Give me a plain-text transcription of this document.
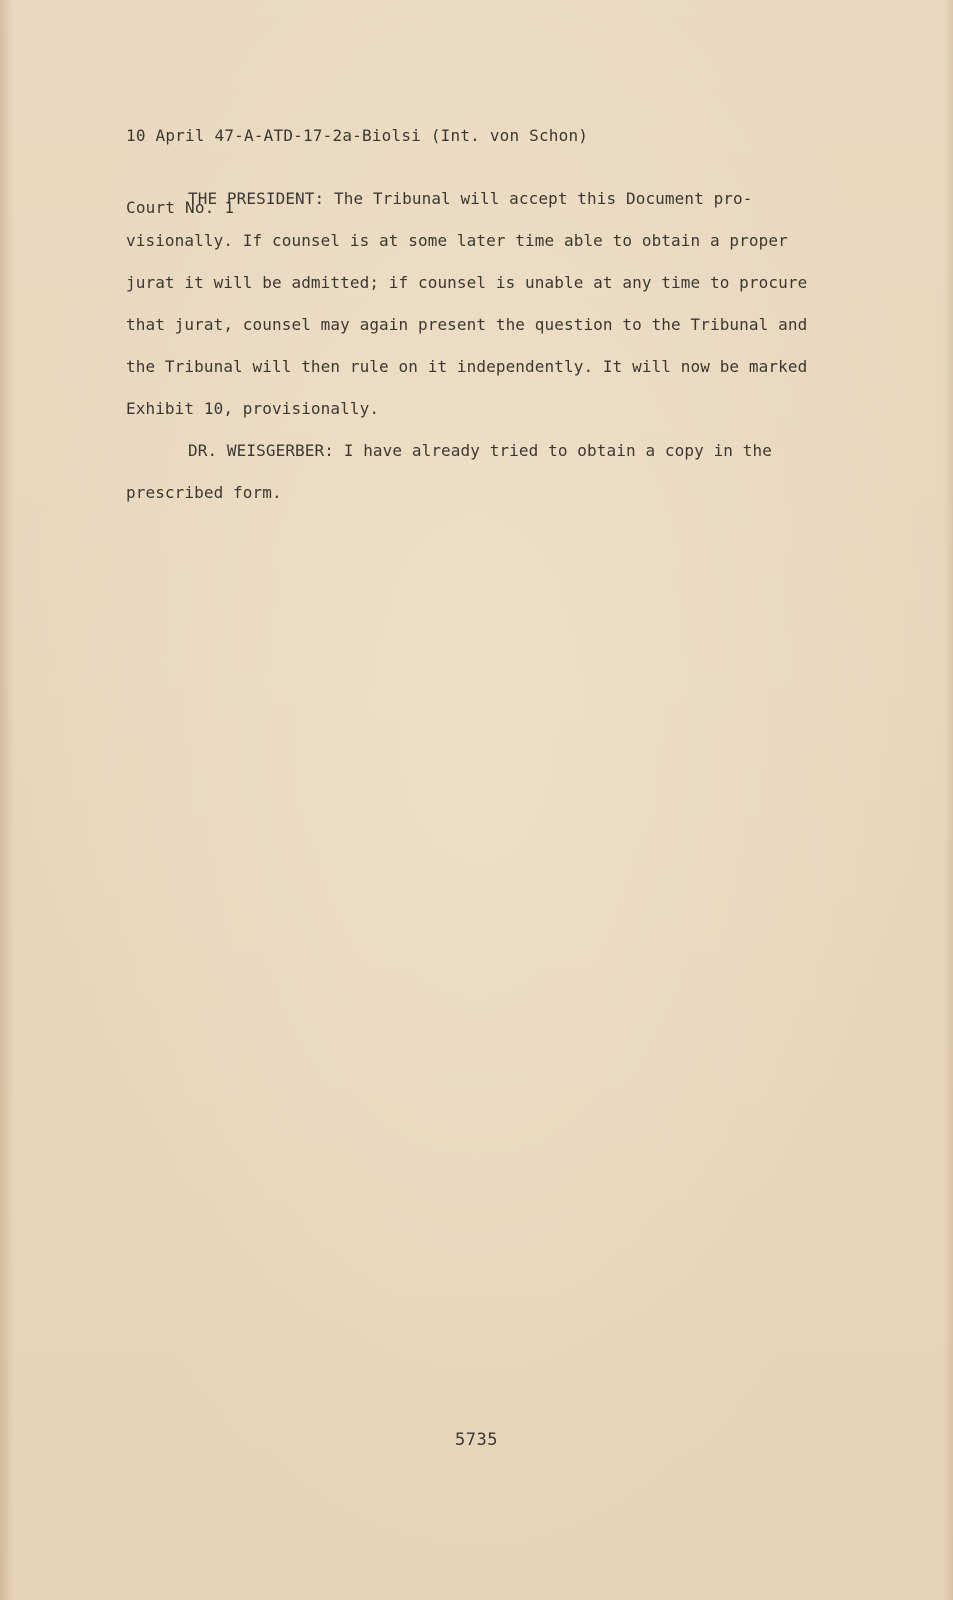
10 April 47-A-ATD-17-2a-Biolsi (Int. von Schon)

Court No. 1

THE PRESIDENT: The Tribunal will accept this Document pro-
visionally. If counsel is at some later time able to obtain a proper
jurat it will be admitted; if counsel is unable at any time to procure
that jurat, counsel may again present the question to the Tribunal and
the Tribunal will then rule on it independently. It will now be marked
Exhibit 10, provisionally.
DR. WEISGERBER: I have already tried to obtain a copy in the
prescribed form.
5735
